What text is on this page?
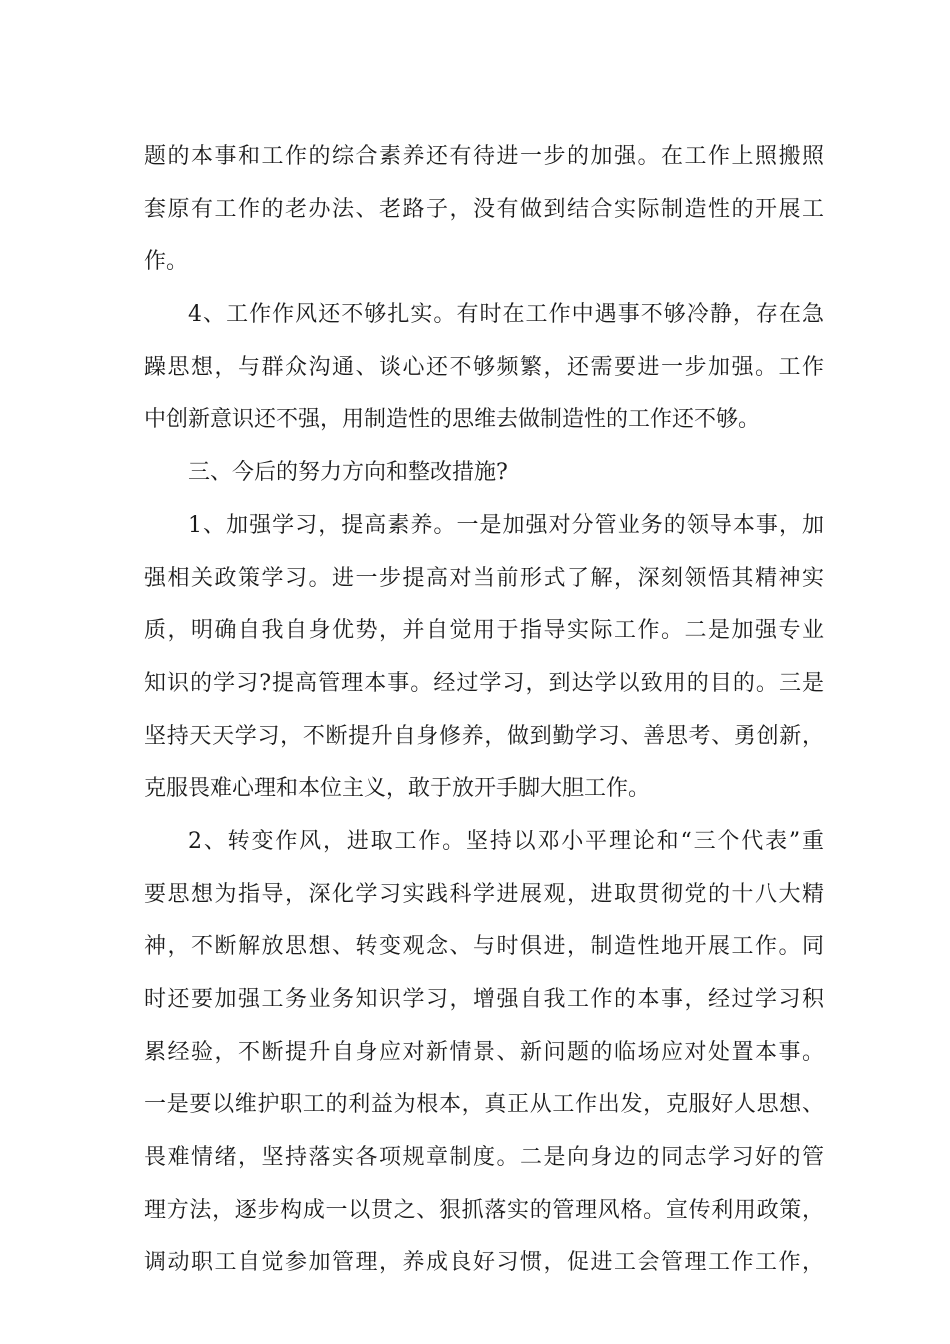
题的本事和工作的综合素养还有待进一步的加强。在工作上照搬照
套原有工作的老办法、老路子，没有做到结合实际制造性的开展工
作。
4、工作作风还不够扎实。有时在工作中遇事不够冷静，存在急
躁思想，与群众沟通、谈心还不够频繁，还需要进一步加强。工作
中创新意识还不强，用制造性的思维去做制造性的工作还不够。
三、今后的努力方向和整改措施?
1、加强学习，提高素养。一是加强对分管业务的领导本事，加
强相关政策学习。进一步提高对当前形式了解，深刻领悟其精神实
质，明确自我自身优势，并自觉用于指导实际工作。二是加强专业
知识的学习?提高管理本事。经过学习，到达学以致用的目的。三是
坚持天天学习，不断提升自身修养，做到勤学习、善思考、勇创新，
克服畏难心理和本位主义，敢于放开手脚大胆工作。
2、转变作风，进取工作。坚持以邓小平理论和“三个代表”重
要思想为指导，深化学习实践科学进展观，进取贯彻党的十八大精
神，不断解放思想、转变观念、与时俱进，制造性地开展工作。同
时还要加强工务业务知识学习，增强自我工作的本事，经过学习积
累经验，不断提升自身应对新情景、新问题的临场应对处置本事。
一是要以维护职工的利益为根本，真正从工作出发，克服好人思想、
畏难情绪，坚持落实各项规章制度。二是向身边的同志学习好的管
理方法，逐步构成一以贯之、狠抓落实的管理风格。宣传利用政策，
调动职工自觉参加管理，养成良好习惯，促进工会管理工作工作，
